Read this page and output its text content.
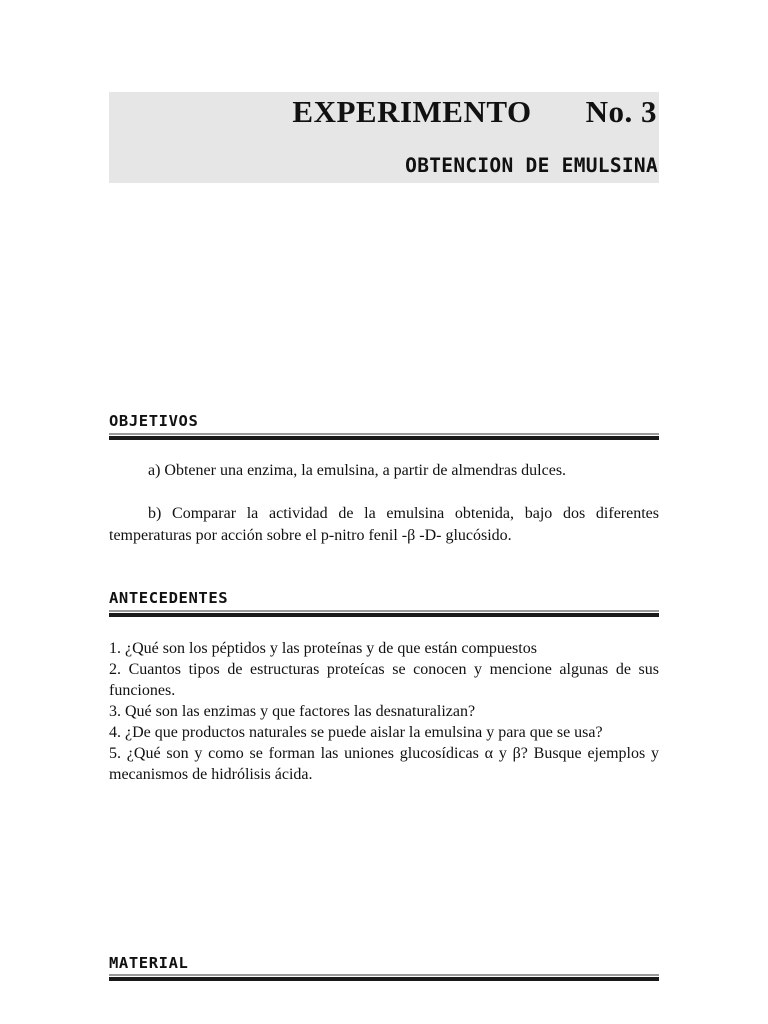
EXPERIMENTO No. 3
OBTENCION DE EMULSINA
OBJETIVOS
a) Obtener una enzima, la emulsina, a partir de almendras dulces.
b) Comparar la actividad de la emulsina obtenida, bajo dos diferentes temperaturas por acción sobre el p-nitro fenil -β -D- glucósido.
ANTECEDENTES
1. ¿Qué son los péptidos y las proteínas y de que están compuestos
2. Cuantos tipos de estructuras proteícas se conocen y mencione algunas de sus funciones.
3. Qué son las enzimas y que factores las desnaturalizan?
4. ¿De que productos naturales se puede aislar la emulsina y para que se usa?
5. ¿Qué son y como se forman las uniones glucosídicas α y β? Busque ejemplos y mecanismos de hidrólisis ácida.
MATERIAL
